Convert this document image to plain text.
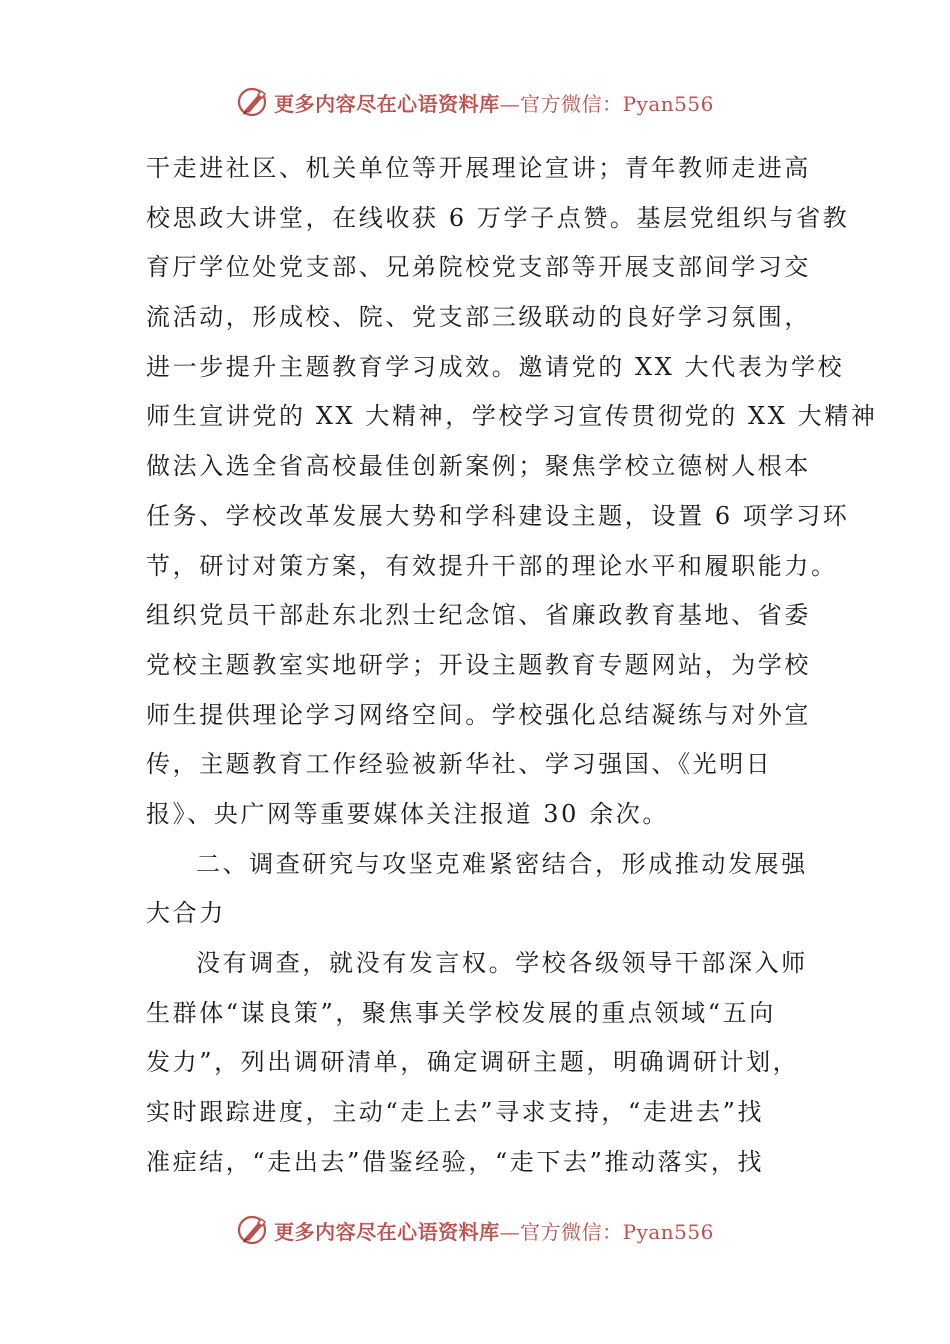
更多内容尽在心语资料库—官方微信：Pyan556
干走进社区、机关单位等开展理论宣讲；青年教师走进高
校思政大讲堂，在线收获 6 万学子点赞。基层党组织与省教
育厅学位处党支部、兄弟院校党支部等开展支部间学习交
流活动，形成校、院、党支部三级联动的良好学习氛围，
进一步提升主题教育学习成效。邀请党的 XX 大代表为学校
师生宣讲党的 XX 大精神，学校学习宣传贯彻党的 XX 大精神
做法入选全省高校最佳创新案例；聚焦学校立德树人根本
任务、学校改革发展大势和学科建设主题，设置 6 项学习环
节，研讨对策方案，有效提升干部的理论水平和履职能力。
组织党员干部赴东北烈士纪念馆、省廉政教育基地、省委
党校主题教室实地研学；开设主题教育专题网站，为学校
师生提供理论学习网络空间。学校强化总结凝练与对外宣
传，主题教育工作经验被新华社、学习强国、《光明日
报》、央广网等重要媒体关注报道 30 余次。
二、调查研究与攻坚克难紧密结合，形成推动发展强
大合力
没有调查，就没有发言权。学校各级领导干部深入师
生群体“谋良策”，聚焦事关学校发展的重点领域“五向
发力”，列出调研清单，确定调研主题，明确调研计划，
实时跟踪进度，主动“走上去”寻求支持，“走进去”找
准症结，“走出去”借鉴经验，“走下去”推动落实，找
更多内容尽在心语资料库—官方微信：Pyan556
